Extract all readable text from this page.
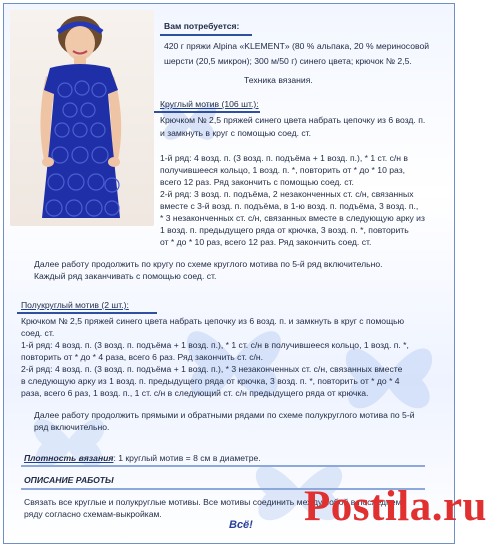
Вам потребуется:
420 г пряжи Alpina «KLEMENT» (80 % альпака, 20 % мериносовой
шерсти (20,5 микрон); 300 м/50 г) синего цвета; крючок № 2,5.
Техника вязания.
Круглый мотив (106 шт.):
Крючком № 2,5 пряжей синего цвета набрать цепочку из 6 возд. п.
и замкнуть в круг с помощью соед. ст.
1-й ряд: 4 возд. п. (3 возд. п. подъёма + 1 возд. п.), * 1 ст. с/н в
получившееся кольцо, 1 возд. п. *, повторить от * до * 10 раз,
всего 12 раз. Ряд закончить с помощью соед. ст.
2-й ряд: 3 возд. п. подъёма, 2 незаконченных ст. с/н, связанных
вместе с 3-й возд. п. подъёма, в 1-ю возд. п. подъёма, 3 возд. п.,
* 3 незаконченных ст. с/н, связанных вместе в следующую арку из
1 возд. п. предыдущего ряда от крючка, 3 возд. п. *, повторить
от * до * 10 раз, всего 12 раз. Ряд закончить соед. ст.
Далее работу продолжить по кругу по схеме круглого мотива по 5-й ряд включительно.
Каждый ряд заканчивать с помощью соед. ст.
Полукруглый мотив (2 шт.):
Крючком № 2,5 пряжей синего цвета набрать цепочку из 6 возд. п. и замкнуть в круг с помощью
соед. ст.
1-й ряд: 4 возд. п. (3 возд. п. подъёма + 1 возд. п.), * 1 ст. с/н в получившееся кольцо, 1 возд. п. *,
повторить от * до * 4 раза, всего 6 раз. Ряд закончить ст. с/н.
2-й ряд: 4 возд. п. (3 возд. п. подъёма + 1 возд. п.), * 3 незаконченных ст. с/н, связанных вместе
в следующую арку из 1 возд. п. предыдущего ряда от крючка, 3 возд. п. *, повторить от * до * 4
раза, всего 6 раз, 1 возд. п., 1 ст. с/н в следующий ст. с/н предыдущего ряда от крючка.
Далее работу продолжить прямыми и обратными рядами по схеме полукруглого мотива по 5-й
ряд включительно.
Плотность вязания: 1 круглый мотив = 8 см в диаметре.
ОПИСАНИЕ РАБОТЫ
Связать все круглые и полукруглые мотивы. Все мотивы соединить между собой в последнем
ряду согласно схемам-выкройкам.
Всё! Postila.ru
